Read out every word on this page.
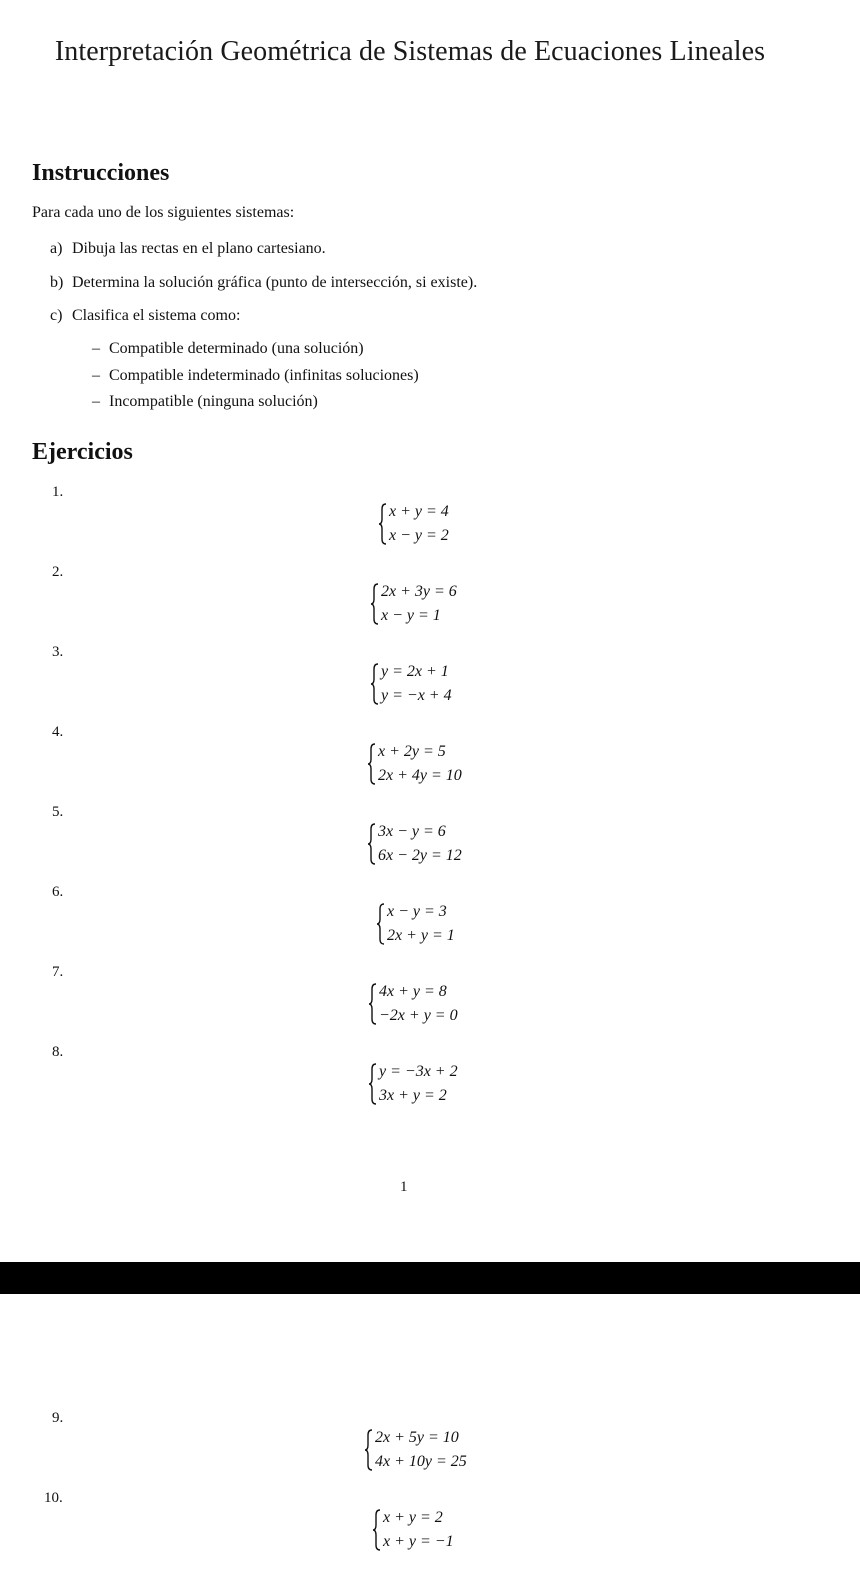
Interpretación Geométrica de Sistemas de Ecuaciones Lineales
Instrucciones
Para cada uno de los siguientes sistemas:
a) Dibuja las rectas en el plano cartesiano.
b) Determina la solución gráfica (punto de intersección, si existe).
c) Clasifica el sistema como:
– Compatible determinado (una solución)
– Compatible indeterminado (infinitas soluciones)
– Incompatible (ninguna solución)
Ejercicios
1.
x + y = 4
x − y = 2
2.
2x + 3y = 6
x − y = 1
3.
y = 2x + 1
y = −x + 4
4.
x + 2y = 5
2x + 4y = 10
5.
3x − y = 6
6x − 2y = 12
6.
x − y = 3
2x + y = 1
7.
4x + y = 8
−2x + y = 0
8.
y = −3x + 2
3x + y = 2
1
9.
2x + 5y = 10
4x + 10y = 25
10.
x + y = 2
x + y = −1
